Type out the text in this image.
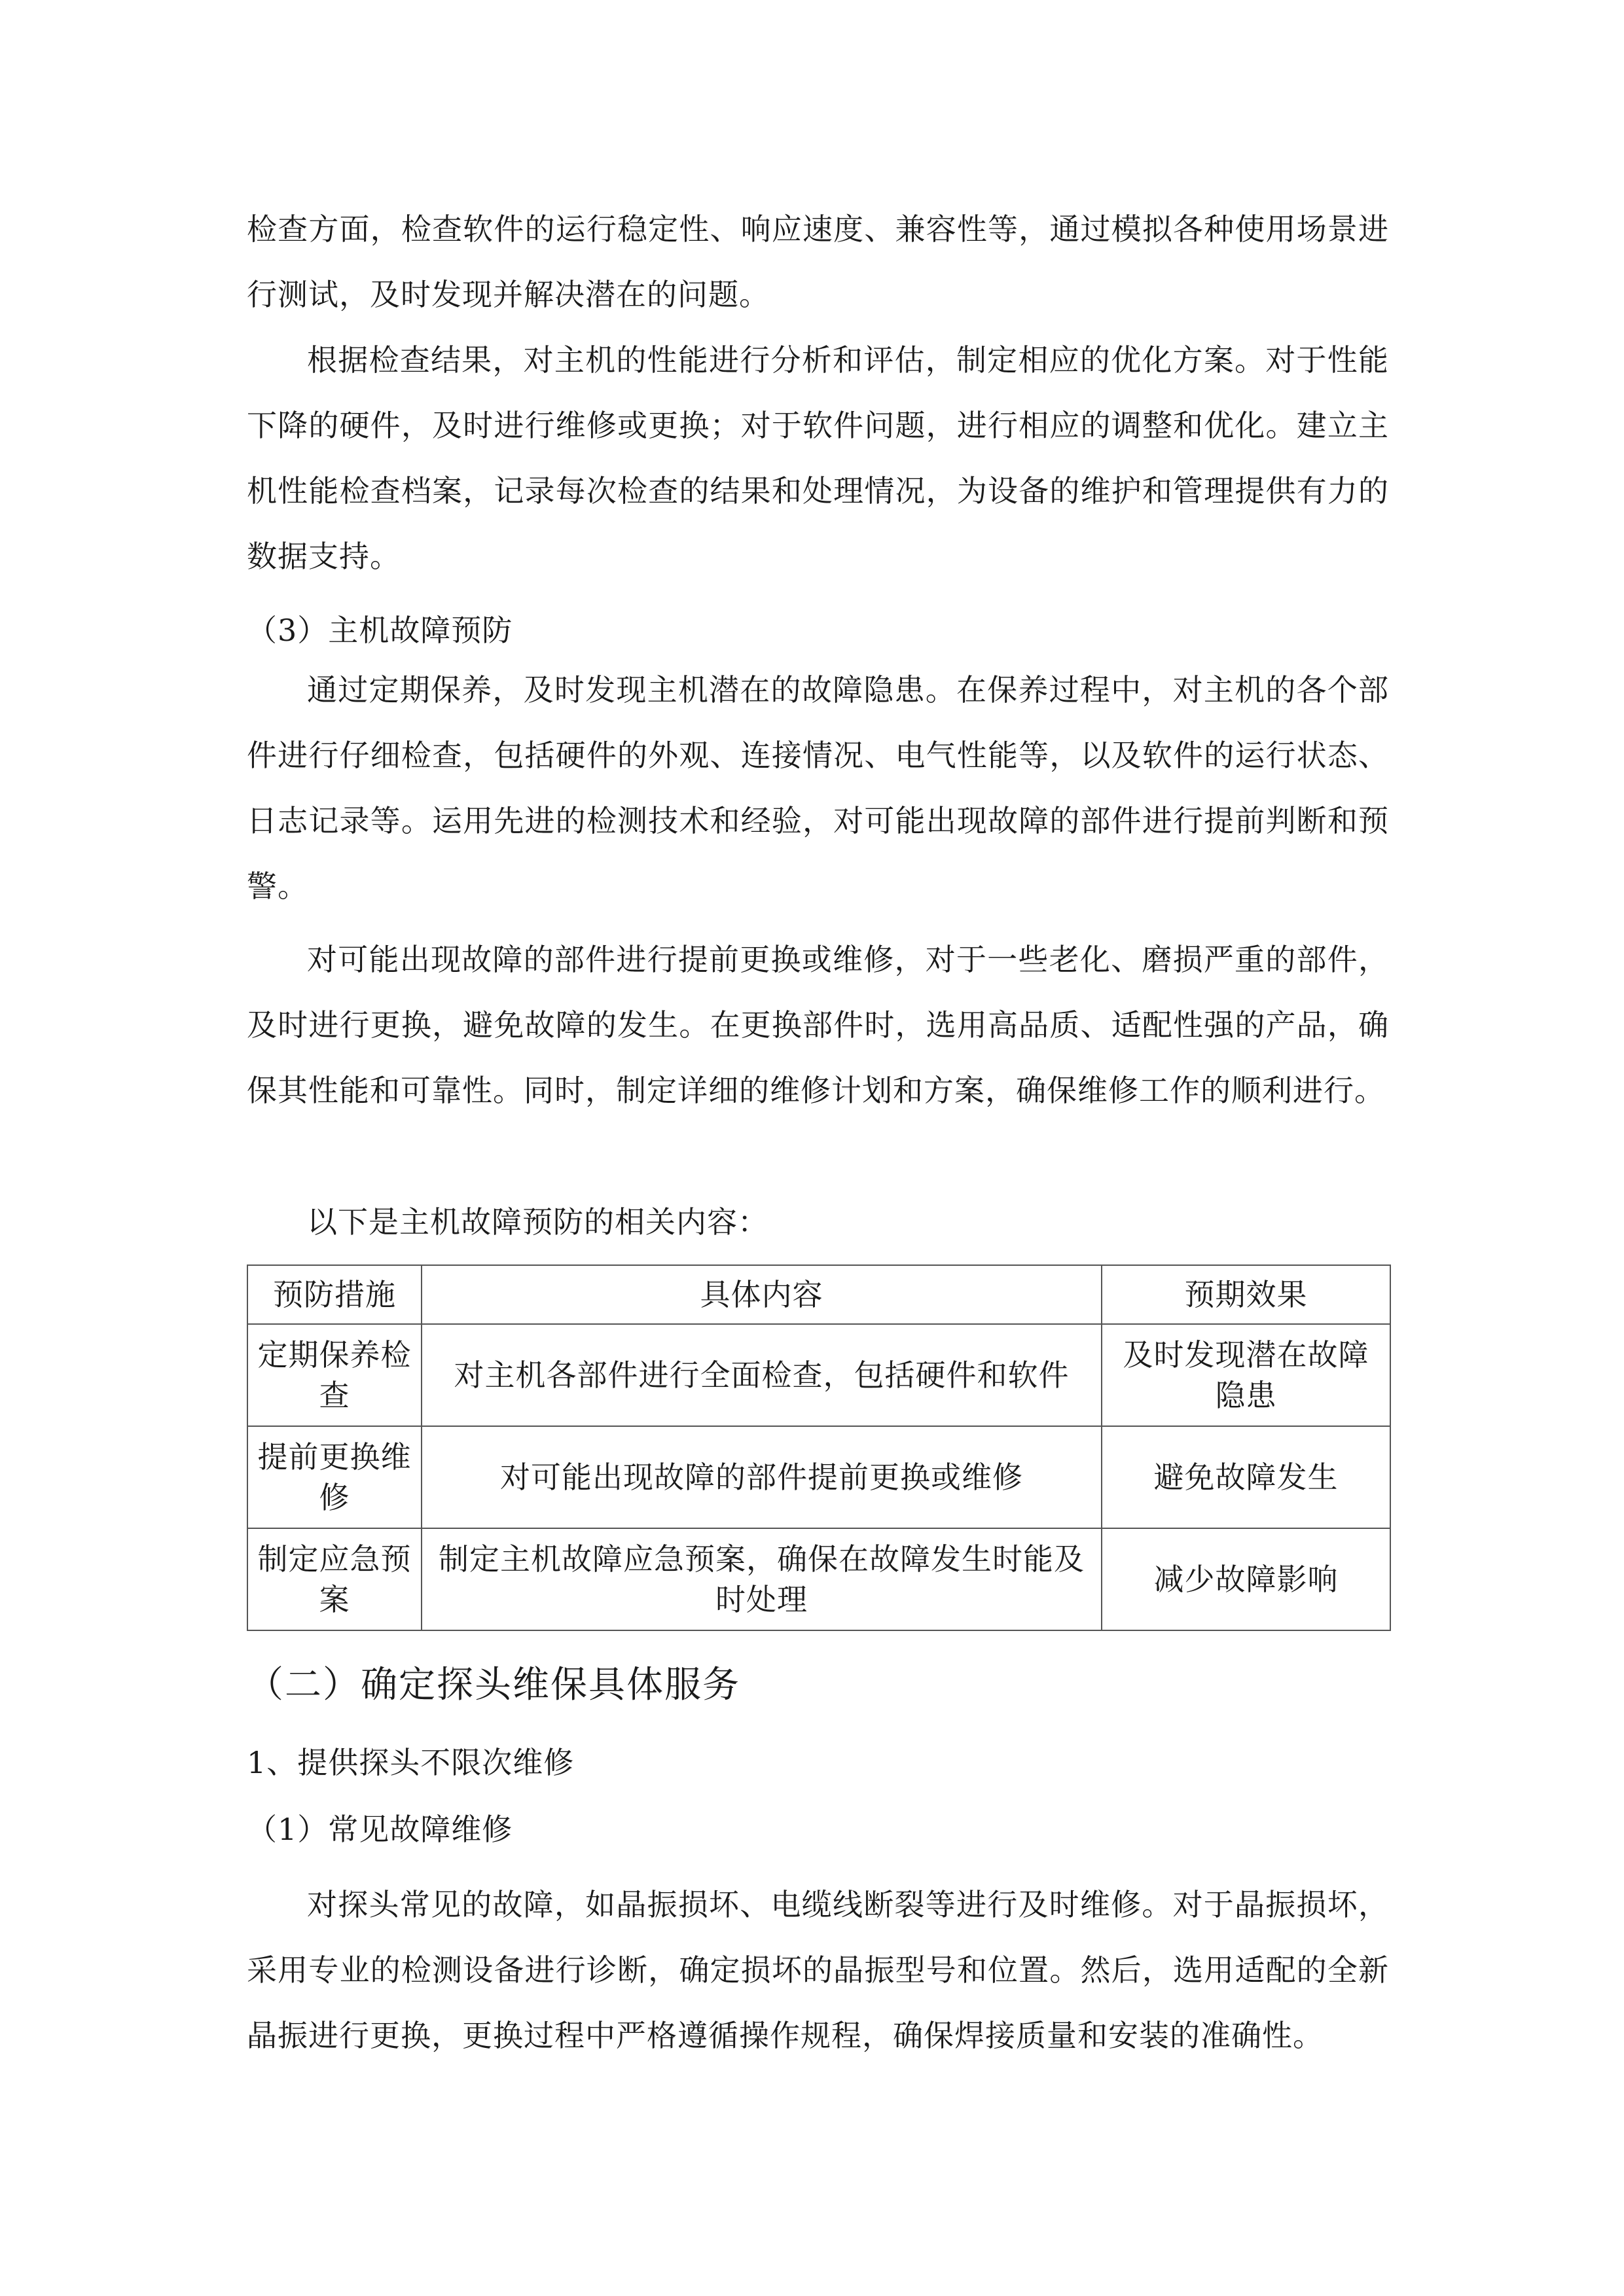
检查方面，检查软件的运行稳定性、响应速度、兼容性等，通过模拟各种使用场景进行测试，及时发现并解决潜在的问题。

根据检查结果，对主机的性能进行分析和评估，制定相应的优化方案。对于性能下降的硬件，及时进行维修或更换；对于软件问题，进行相应的调整和优化。建立主机性能检查档案，记录每次检查的结果和处理情况，为设备的维护和管理提供有力的数据支持。

（3）主机故障预防

通过定期保养，及时发现主机潜在的故障隐患。在保养过程中，对主机的各个部件进行仔细检查，包括硬件的外观、连接情况、电气性能等，以及软件的运行状态、日志记录等。运用先进的检测技术和经验，对可能出现故障的部件进行提前判断和预警。

对可能出现故障的部件进行提前更换或维修，对于一些老化、磨损严重的部件，及时进行更换，避免故障的发生。在更换部件时，选用高品质、适配性强的产品，确保其性能和可靠性。同时，制定详细的维修计划和方案，确保维修工作的顺利进行。

以下是主机故障预防的相关内容：

预防措施	具体内容	预期效果
定期保养检查	对主机各部件进行全面检查，包括硬件和软件	及时发现潜在故障隐患
提前更换维修	对可能出现故障的部件提前更换或维修	避免故障发生
制定应急预案	制定主机故障应急预案，确保在故障发生时能及时处理	减少故障影响

（二）确定探头维保具体服务

1、提供探头不限次维修

（1）常见故障维修

对探头常见的故障，如晶振损坏、电缆线断裂等进行及时维修。对于晶振损坏，采用专业的检测设备进行诊断，确定损坏的晶振型号和位置。然后，选用适配的全新晶振进行更换，更换过程中严格遵循操作规程，确保焊接质量和安装的准确性。
